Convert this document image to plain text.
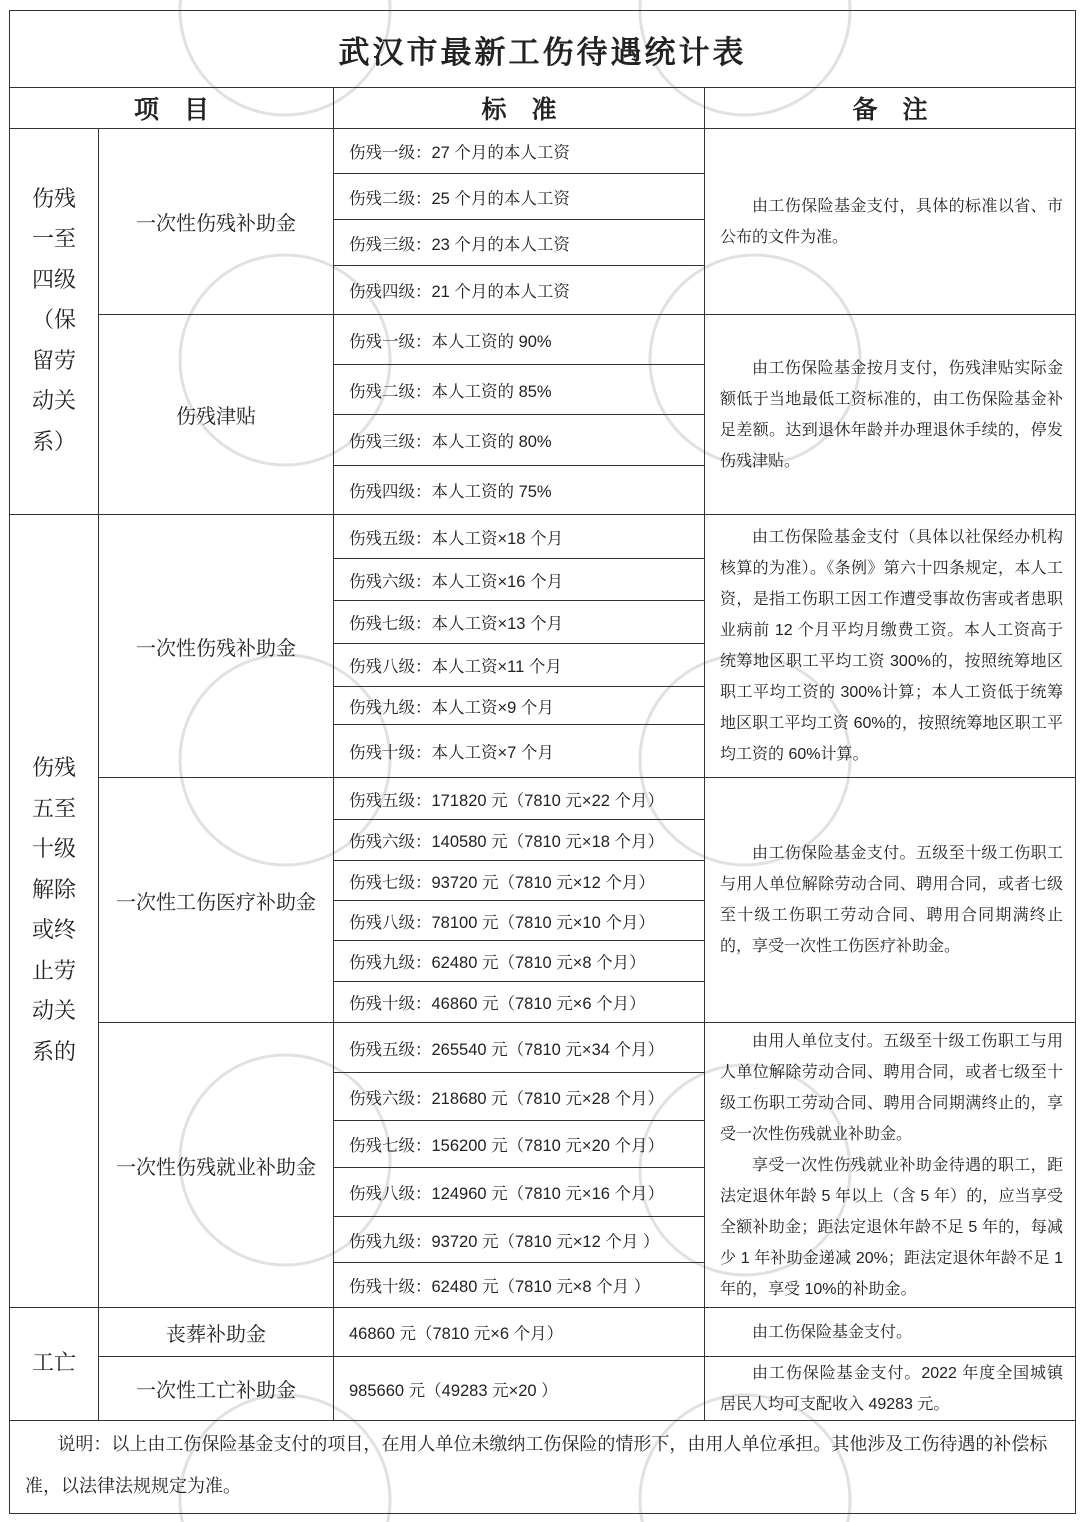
武汉市最新工伤待遇统计表			
项　目		标　准	备　注

伤残一至四级（保留劳动关系）	一次性伤残补助金	伤残一级：27 个月的本人工资	由工伤保险基金支付，具体的标准以省、市公布的文件为准。

		伤残二级：25 个月的本人工资	
		伤残三级：23 个月的本人工资	
		伤残四级：21 个月的本人工资	
	伤残津贴	伤残一级：本人工资的 90%	由工伤保险基金按月支付，伤残津贴实际金额低于当地最低工资标准的，由工伤保险基金补足差额。达到退休年龄并办理退休手续的，停发伤残津贴。

		伤残二级：本人工资的 85%	
		伤残三级：本人工资的 80%	
		伤残四级：本人工资的 75%	

伤残五至十级解除或终止劳动关系的	一次性伤残补助金	伤残五级：本人工资×18 个月	由工伤保险基金支付（具体以社保经办机构核算的为准）。《条例》第六十四条规定，本人工资，是指工伤职工因工作遭受事故伤害或者患职业病前 12 个月平均月缴费工资。本人工资高于统筹地区职工平均工资 300%的，按照统筹地区职工平均工资的 300%计算；本人工资低于统筹地区职工平均工资 60%的，按照统筹地区职工平均工资的 60%计算。

		伤残六级：本人工资×16 个月	
		伤残七级：本人工资×13 个月	
		伤残八级：本人工资×11 个月	
		伤残九级：本人工资×9 个月	
		伤残十级：本人工资×7 个月	
	一次性工伤医疗补助金	伤残五级：171820 元（7810 元×22 个月）	由工伤保险基金支付。五级至十级工伤职工与用人单位解除劳动合同、聘用合同，或者七级至十级工伤职工劳动合同、聘用合同期满终止的，享受一次性工伤医疗补助金。

		伤残六级：140580 元（7810 元×18 个月）	
		伤残七级：93720 元（7810 元×12 个月）	
		伤残八级：78100 元（7810 元×10 个月）	
		伤残九级：62480 元（7810 元×8 个月）	
		伤残十级：46860 元（7810 元×6 个月）	
	一次性伤残就业补助金	伤残五级：265540 元（7810 元×34 个月）	由用人单位支付。五级至十级工伤职工与用人单位解除劳动合同、聘用合同，或者七级至十级工伤职工劳动合同、聘用合同期满终止的，享受一次性伤残就业补助金。

享受一次性伤残就业补助金待遇的职工，距法定退休年龄 5 年以上（含 5 年）的，应当享受全额补助金；距法定退休年龄不足 5 年的，每减少 1 年补助金递减 20%；距法定退休年龄不足 1 年的，享受 10%的补助金。

		伤残六级：218680 元（7810 元×28 个月）	
		伤残七级：156200 元（7810 元×20 个月）	
		伤残八级：124960 元（7810 元×16 个月）	
		伤残九级：93720 元（7810 元×12 个月 ）	
		伤残十级：62480 元（7810 元×8 个月 ）	

工亡	丧葬补助金	46860 元（7810 元×6 个月）	由工伤保险基金支付。

	一次性工亡补助金	985660 元（49283 元×20 ）	由工伤保险基金支付。2022 年度全国城镇居民人均可支配收入 49283 元。

说明：以上由工伤保险基金支付的项目，在用人单位未缴纳工伤保险的情形下，由用人单位承担。其他涉及工伤待遇的补偿标准，以法律法规规定为准。			
